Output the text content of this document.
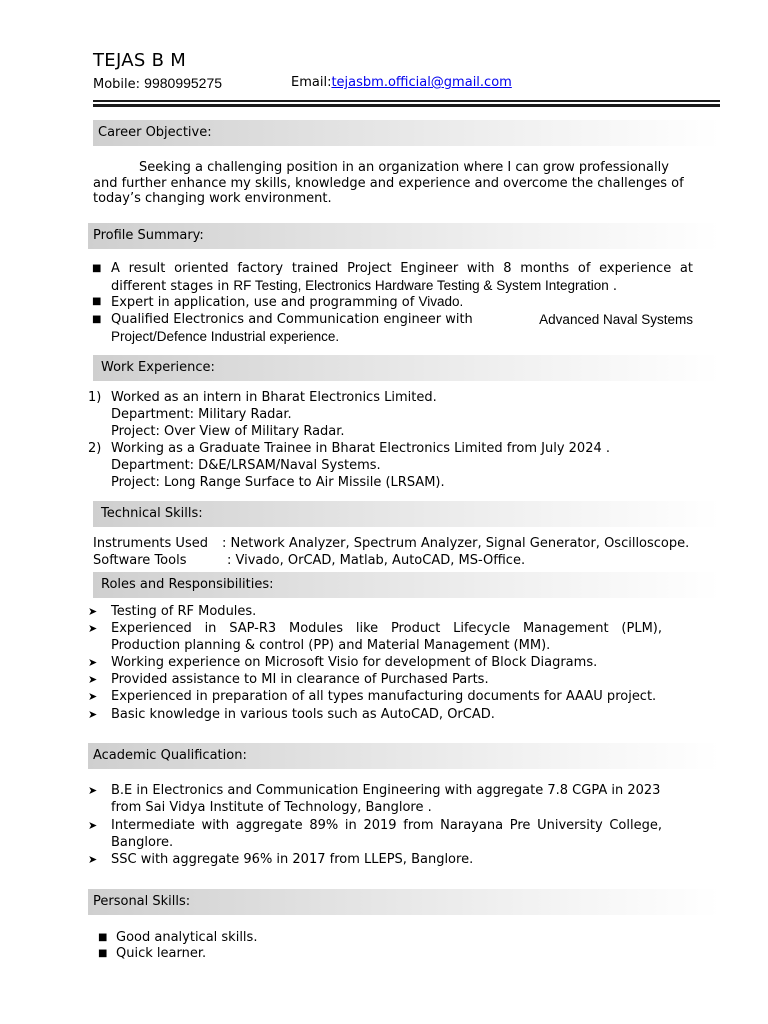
TEJAS B M
Mobile: 9980995275	Email:tejasbm.official@gmail.com
Career Objective:
Seeking a challenging position in an organization where I can grow professionally
and further enhance my skills, knowledge and experience and overcome the challenges of
today’s changing work environment.
Profile Summary:
■ A result oriented factory trained Project Engineer with 8 months of experience at
different stages in RF Testing, Electronics Hardware Testing & System Integration .
■ Expert in application, use and programming of Vivado.
■ Qualified Electronics and Communication engineer with	Advanced Naval Systems
Project/Defence Industrial experience.
Work Experience:
1) Worked as an intern in Bharat Electronics Limited.
Department: Military Radar.
Project: Over View of Military Radar.
2) Working as a Graduate Trainee in Bharat Electronics Limited from July 2024 .
Department: D&E/LRSAM/Naval Systems.
Project: Long Range Surface to Air Missile (LRSAM).
Technical Skills:
Instruments Used : Network Analyzer, Spectrum Analyzer, Signal Generator, Oscilloscope.
Software Tools	: Vivado, OrCAD, Matlab, AutoCAD, MS-Office.
Roles and Responsibilities:
➤ Testing of RF Modules.
➤ Experienced in SAP-R3 Modules like Product Lifecycle Management (PLM),
Production planning & control (PP) and Material Management (MM).
➤ Working experience on Microsoft Visio for development of Block Diagrams.
➤ Provided assistance to MI in clearance of Purchased Parts.
➤ Experienced in preparation of all types manufacturing documents for AAAU project.
➤ Basic knowledge in various tools such as AutoCAD, OrCAD.
Academic Qualification:
➤ B.E in Electronics and Communication Engineering with aggregate 7.8 CGPA in 2023
from Sai Vidya Institute of Technology, Banglore .
➤ Intermediate with aggregate 89% in 2019 from Narayana Pre University College,
Banglore.
➤ SSC with aggregate 96% in 2017 from LLEPS, Banglore.
Personal Skills:
■ Good analytical skills.
■ Quick learner.
